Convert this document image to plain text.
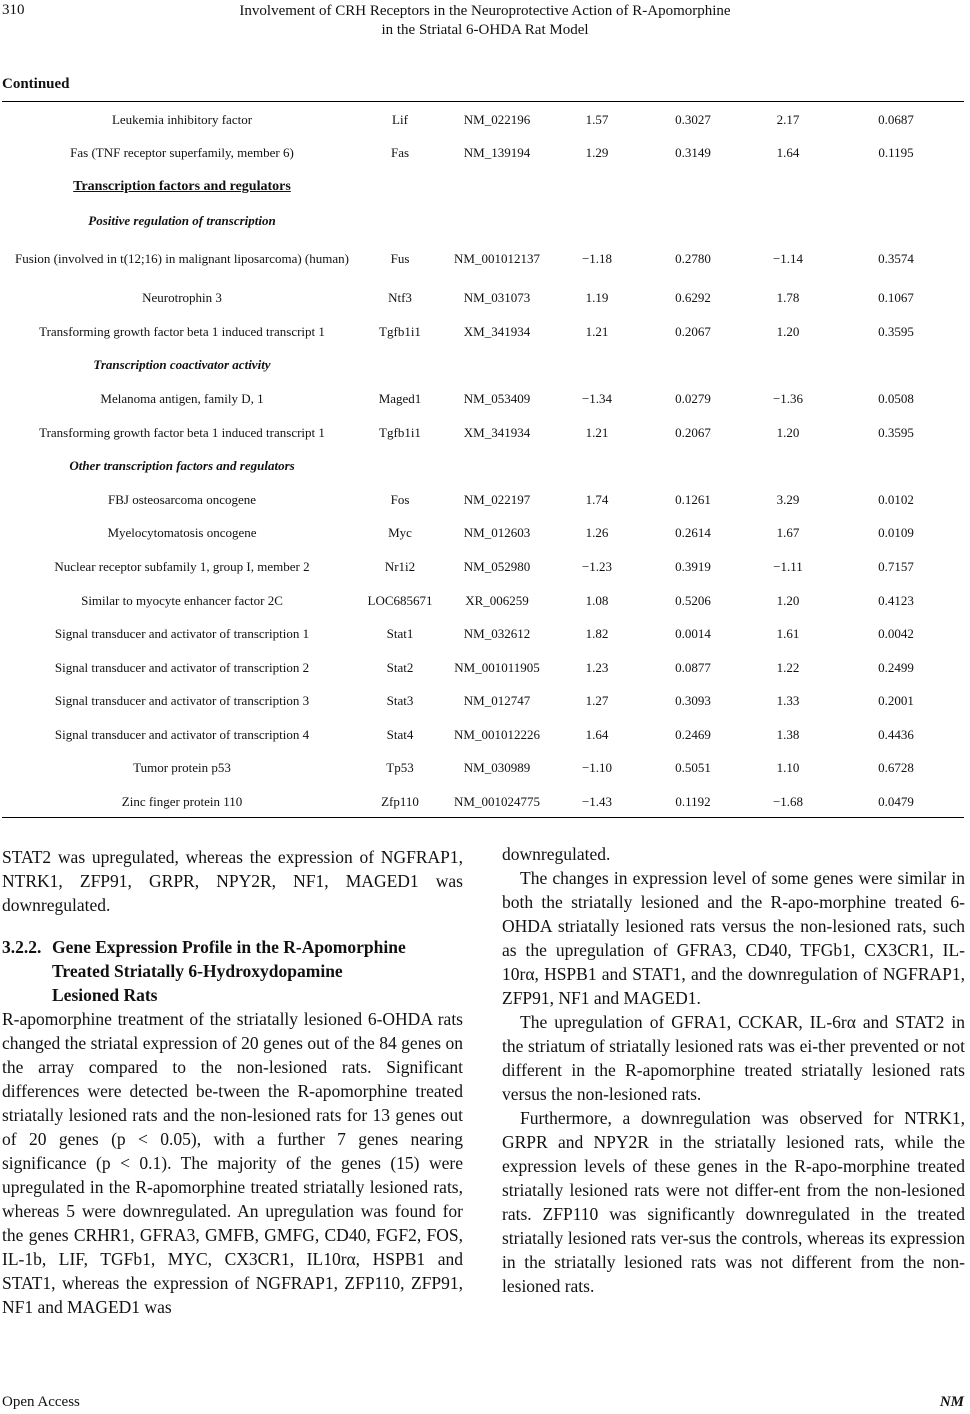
310	Involvement of CRH Receptors in the Neuroprotective Action of R-Apomorphine
in the Striatal 6-OHDA Rat Model
Continued
Leukemia inhibitory factor	Lif	NM_022196	1.57	0.3027	2.17	0.0687
Fas (TNF receptor superfamily, member 6)	Fas	NM_139194	1.29	0.3149	1.64	0.1195
Transcription factors and regulators						
Positive regulation of transcription						
Fusion (involved in t(12;16) in malignant liposarcoma) (human)	Fus	NM_001012137	−1.18	0.2780	−1.14	0.3574
Neurotrophin 3	Ntf3	NM_031073	1.19	0.6292	1.78	0.1067
Transforming growth factor beta 1 induced transcript 1	Tgfb1i1	XM_341934	1.21	0.2067	1.20	0.3595
Transcription coactivator activity						
Melanoma antigen, family D, 1	Maged1	NM_053409	−1.34	0.0279	−1.36	0.0508
Transforming growth factor beta 1 induced transcript 1	Tgfb1i1	XM_341934	1.21	0.2067	1.20	0.3595
Other transcription factors and regulators						
FBJ osteosarcoma oncogene	Fos	NM_022197	1.74	0.1261	3.29	0.0102
Myelocytomatosis oncogene	Myc	NM_012603	1.26	0.2614	1.67	0.0109
Nuclear receptor subfamily 1, group I, member 2	Nr1i2	NM_052980	−1.23	0.3919	−1.11	0.7157
Similar to myocyte enhancer factor 2C	LOC685671	XR_006259	1.08	0.5206	1.20	0.4123
Signal transducer and activator of transcription 1	Stat1	NM_032612	1.82	0.0014	1.61	0.0042
Signal transducer and activator of transcription 2	Stat2	NM_001011905	1.23	0.0877	1.22	0.2499
Signal transducer and activator of transcription 3	Stat3	NM_012747	1.27	0.3093	1.33	0.2001
Signal transducer and activator of transcription 4	Stat4	NM_001012226	1.64	0.2469	1.38	0.4436
Tumor protein p53	Tp53	NM_030989	−1.10	0.5051	1.10	0.6728
Zinc finger protein 110	Zfp110	NM_001024775	−1.43	0.1192	−1.68	0.0479

STAT2 was upregulated, whereas the expression of NGFRAP1, NTRK1, ZFP91, GRPR, NPY2R, NF1, MAGED1 was downregulated.

3.2.2. Gene Expression Profile in the R-Apomorphine
Treated Striatally 6-Hydroxydopamine
Lesioned Rats

R-apomorphine treatment of the striatally lesioned 6-OHDA rats changed the striatal expression of 20 genes out of the 84 genes on the array compared to the non-lesioned rats. Significant differences were detected be-tween the R-apomorphine treated striatally lesioned rats and the non-lesioned rats for 13 genes out of 20 genes (p < 0.05), with a further 7 genes nearing significance (p < 0.1). The majority of the genes (15) were upregulated in the R-apomorphine treated striatally lesioned rats, whereas 5 were downregulated. An upregulation was found for the genes CRHR1, GFRA3, GMFB, GMFG, CD40, FGF2, FOS, IL-1b, LIF, TGFb1, MYC, CX3CR1, IL10rα, HSPB1 and STAT1, whereas the expression of NGFRAP1, ZFP110, ZFP91, NF1 and MAGED1 was

downregulated.

The changes in expression level of some genes were similar in both the striatally lesioned and the R-apo-morphine treated 6-OHDA striatally lesioned rats versus the non-lesioned rats, such as the upregulation of GFRA3, CD40, TFGb1, CX3CR1, IL-10rα, HSPB1 and STAT1, and the downregulation of NGFRAP1, ZFP91, NF1 and MAGED1.

The upregulation of GFRA1, CCKAR, IL-6rα and STAT2 in the striatum of striatally lesioned rats was ei-ther prevented or not different in the R-apomorphine treated striatally lesioned rats versus the non-lesioned rats.

Furthermore, a downregulation was observed for NTRK1, GRPR and NPY2R in the striatally lesioned rats, while the expression levels of these genes in the R-apo-morphine treated striatally lesioned rats were not differ-ent from the non-lesioned rats. ZFP110 was significantly downregulated in the treated striatally lesioned rats ver-sus the controls, whereas its expression in the striatally lesioned rats was not different from the non-lesioned rats.

Open Access	NM
